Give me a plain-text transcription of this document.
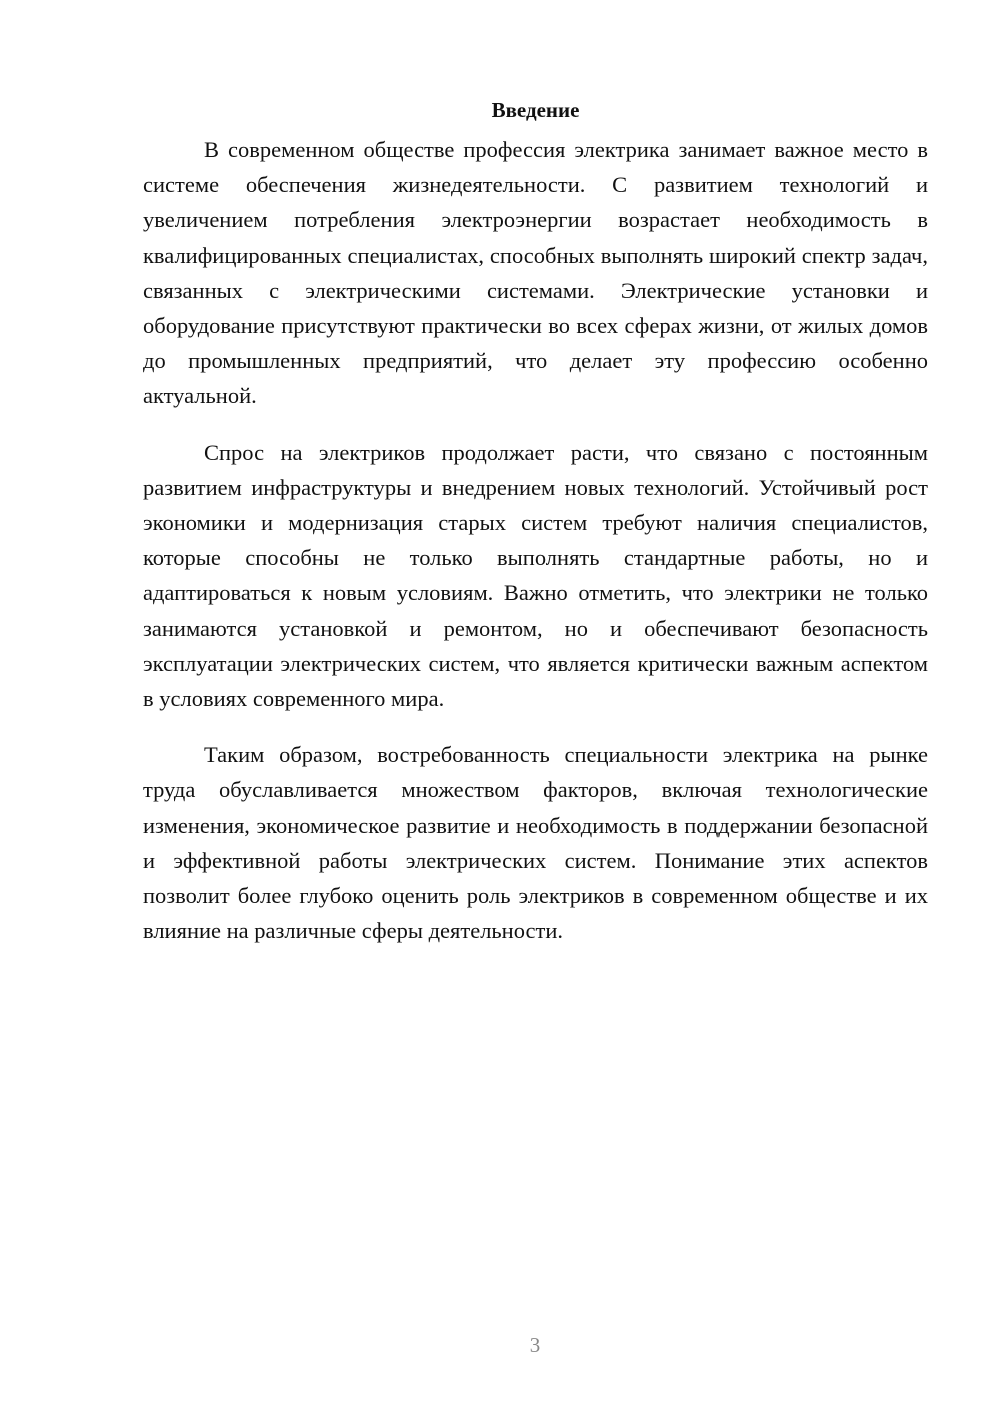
Введение

В современном обществе профессия электрика занимает важное место в системе обеспечения жизнедеятельности. С развитием технологий и увеличением потребления электроэнергии возрастает необходимость в квалифицированных специалистах, способных выполнять широкий спектр задач, связанных с электрическими системами. Электрические установки и оборудование присутствуют практически во всех сферах жизни, от жилых домов до промышленных предприятий, что делает эту профессию особенно актуальной.

Спрос на электриков продолжает расти, что связано с постоянным развитием инфраструктуры и внедрением новых технологий. Устойчивый рост экономики и модернизация старых систем требуют наличия специалистов, которые способны не только выполнять стандартные работы, но и адаптироваться к новым условиям. Важно отметить, что электрики не только занимаются установкой и ремонтом, но и обеспечивают безопасность эксплуатации электрических систем, что является критически важным аспектом в условиях современного мира.

Таким образом, востребованность специальности электрика на рынке труда обуславливается множеством факторов, включая технологические изменения, экономическое развитие и необходимость в поддержании безопасной и эффективной работы электрических систем. Понимание этих аспектов позволит более глубоко оценить роль электриков в современном обществе и их влияние на различные сферы деятельности.

3
